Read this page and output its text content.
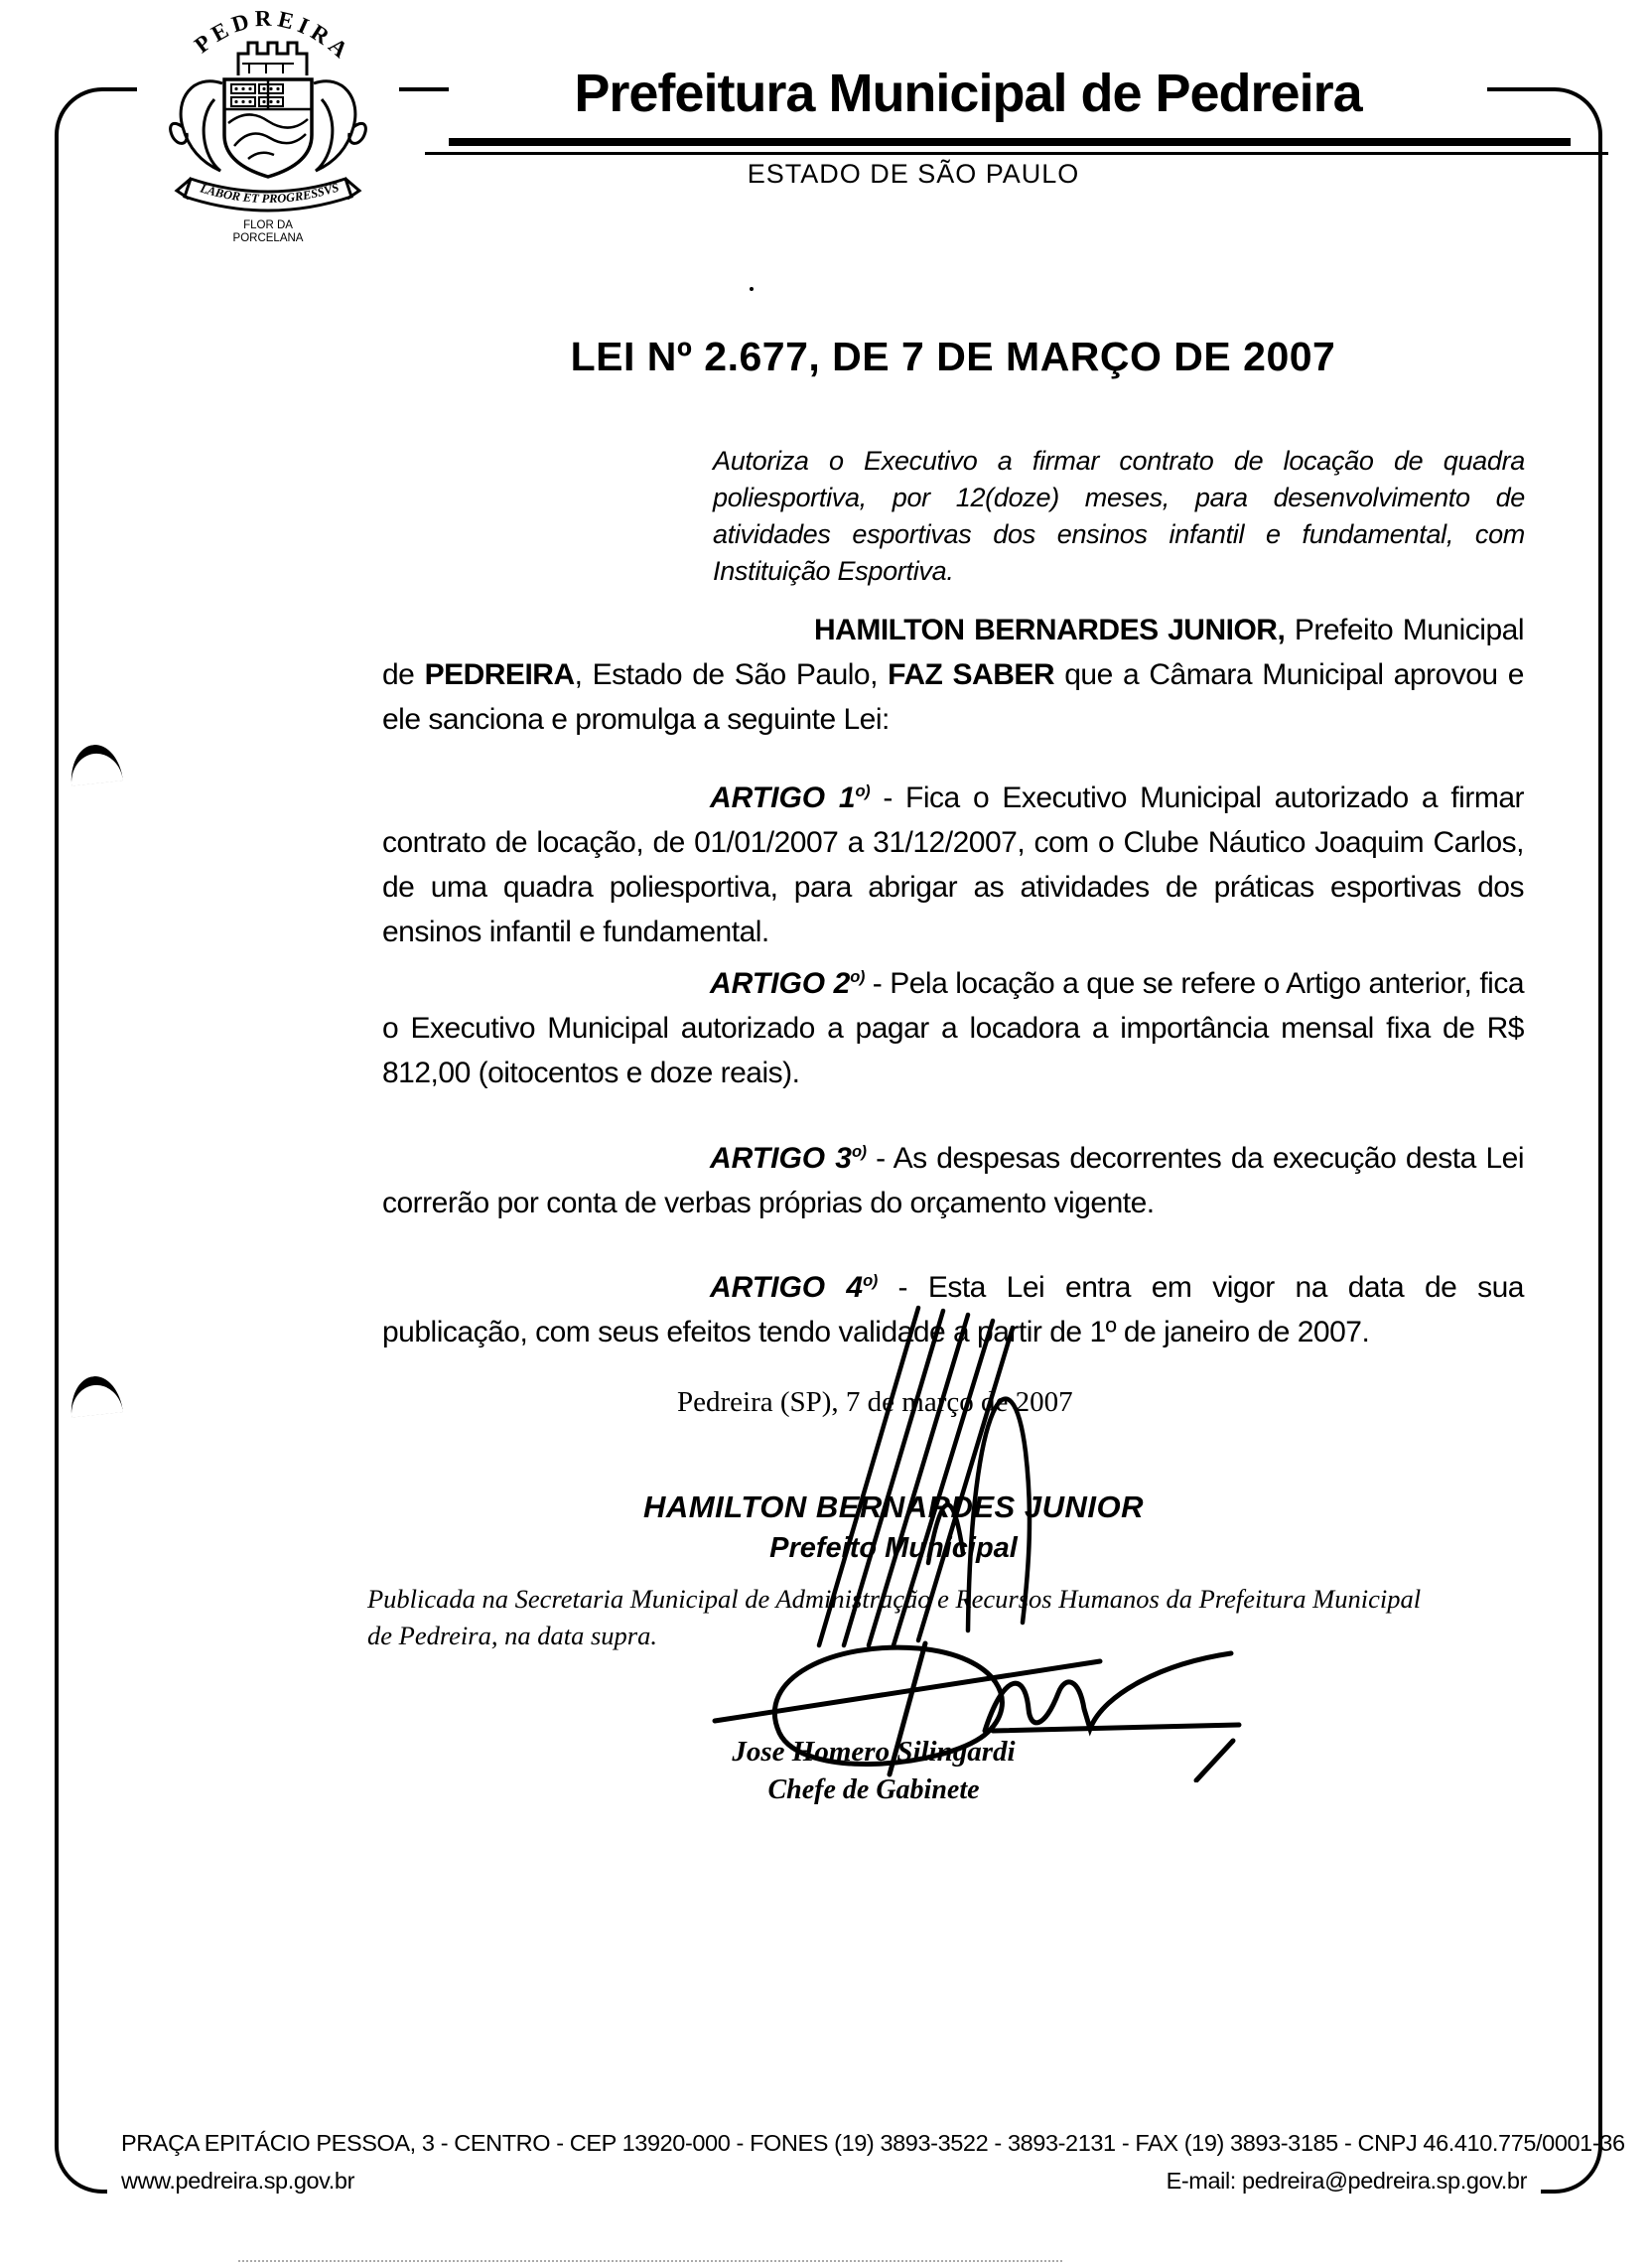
PEDREIRA
LABOR ET PROGRESSVS
FLOR DA
PORCELANA
Prefeitura Municipal de Pedreira
ESTADO DE SÃO PAULO
LEI Nº 2.677, DE 7 DE MARÇO DE 2007
Autoriza o Executivo a firmar contrato de locação de quadra poliesportiva, por 12(doze) meses, para desenvolvimento de atividades esportivas dos ensinos infantil e fundamental, com Instituição Esportiva.

HAMILTON BERNARDES JUNIOR, Prefeito Municipal de PEDREIRA, Estado de São Paulo, FAZ SABER que a Câmara Municipal aprovou e ele sanciona e promulga a seguinte Lei:

ARTIGO 1$^{o)}$ - Fica o Executivo Municipal autorizado a firmar contrato de locação, de 01/01/2007 a 31/12/2007, com o Clube Náutico Joaquim Carlos, de uma quadra poliesportiva, para abrigar as atividades de práticas esportivas dos ensinos infantil e fundamental.

ARTIGO 2$^{o)}$ - Pela locação a que se refere o Artigo anterior, fica o Executivo Municipal autorizado a pagar a locadora a importância mensal fixa de R$ 812,00 (oitocentos e doze reais).

ARTIGO 3$^{o)}$ - As despesas decorrentes da execução desta Lei correrão por conta de verbas próprias do orçamento vigente.

ARTIGO 4$^{o)}$ - Esta Lei entra em vigor na data de sua publicação, com seus efeitos tendo validade a partir de 1º de janeiro de 2007.

Pedreira (SP), 7 de março de 2007
HAMILTON BERNARDES JUNIOR
Prefeito Municipal
Publicada na Secretaria Municipal de Administração e Recursos Humanos da Prefeitura Municipal de Pedreira, na data supra.
Jose Homero Silingardi
Chefe de Gabinete
PRAÇA EPITÁCIO PESSOA, 3 - CENTRO - CEP 13920-000 - FONES (19) 3893-3522 - 3893-2131 - FAX (19) 3893-3185 - CNPJ 46.410.775/0001-36
www.pedreira.sp.gov.br	E-mail: pedreira@pedreira.sp.gov.br
